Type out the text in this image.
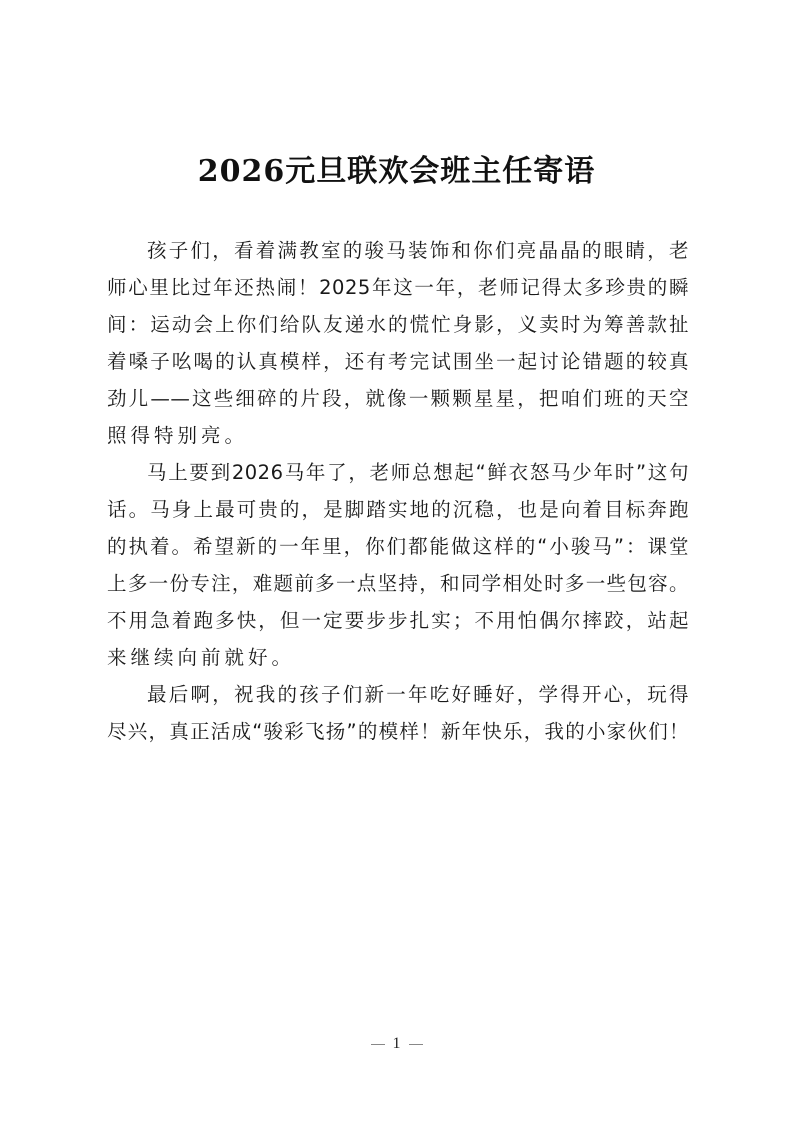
2026元旦联欢会班主任寄语
孩子们，看着满教室的骏马装饰和你们亮晶晶的眼睛，老
师心里比过年还热闹！2025年这一年，老师记得太多珍贵的瞬
间：运动会上你们给队友递水的慌忙身影，义卖时为筹善款扯
着嗓子吆喝的认真模样，还有考完试围坐一起讨论错题的较真
劲儿——这些细碎的片段，就像一颗颗星星，把咱们班的天空
照得特别亮。
马上要到2026马年了，老师总想起“鲜衣怒马少年时”这句
话。马身上最可贵的，是脚踏实地的沉稳，也是向着目标奔跑
的执着。希望新的一年里，你们都能做这样的“小骏马”：课堂
上多一份专注，难题前多一点坚持，和同学相处时多一些包容。
不用急着跑多快，但一定要步步扎实；不用怕偶尔摔跤，站起
来继续向前就好。
最后啊，祝我的孩子们新一年吃好睡好，学得开心，玩得
尽兴，真正活成“骏彩飞扬”的模样！新年快乐，我的小家伙们！
1
